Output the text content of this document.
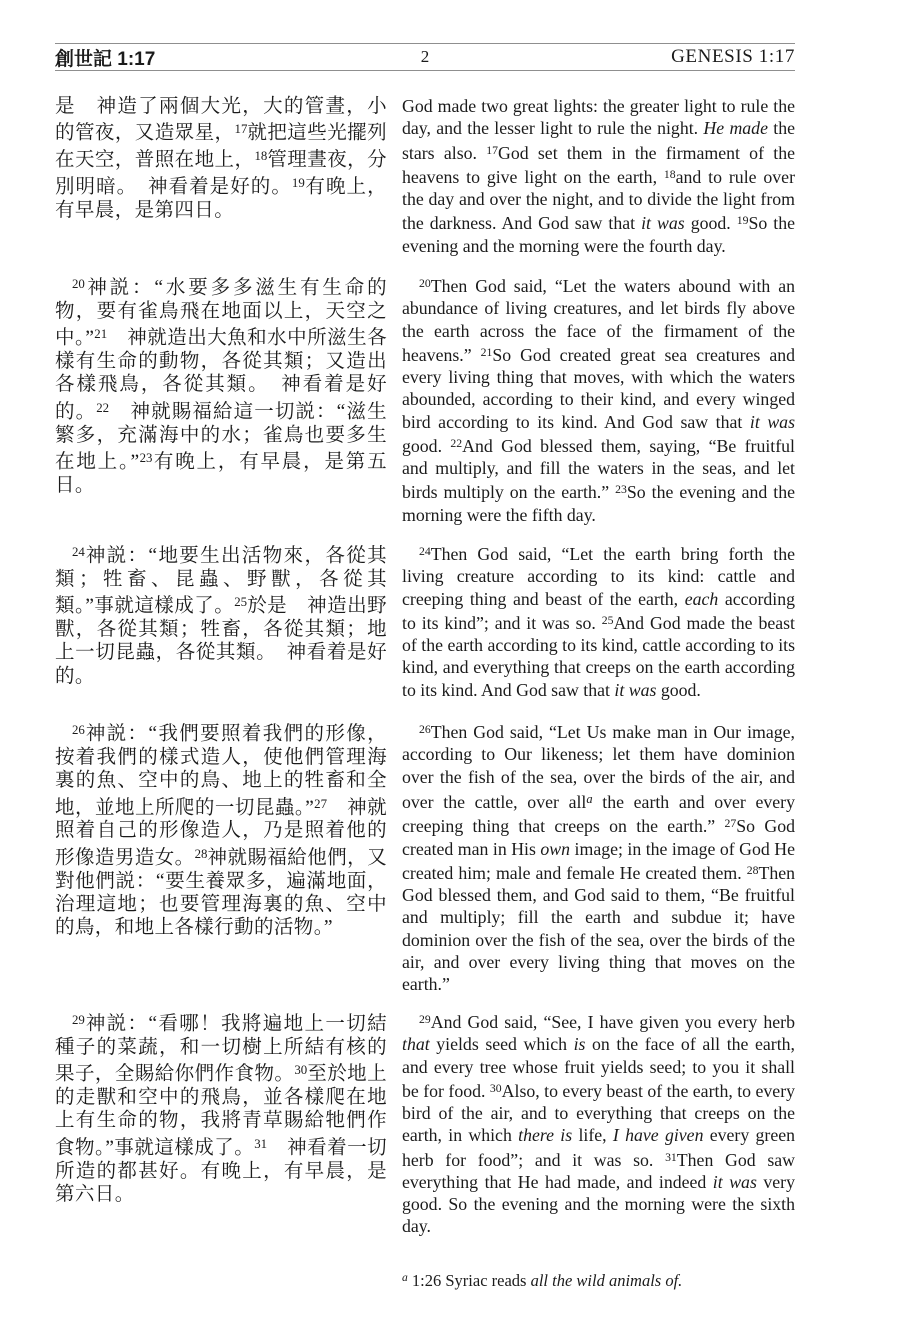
創世記 1:17	2	GENESIS 1:17
是　神造了兩個大光，大的管晝，小的管夜，又造眾星，$^{17}$就把這些光擺列在天空，普照在地上，$^{18}$管理晝夜，分別明暗。　神看着是好的。$^{19}$有晚上，有早晨，是第四日。
God made two great lights: the greater light to rule the day, and the lesser light to rule the night. He made the stars also. $^{17}$God set them in the firmament of the heavens to give light on the earth, $^{18}$and to rule over the day and over the night, and to divide the light from the darkness. And God saw that it was good. $^{19}$So the evening and the morning were the fourth day.
$^{20}$神説：“水要多多滋生有生命的物，要有雀鳥飛在地面以上，天空之中。”$^{21}$　神就造出大魚和水中所滋生各樣有生命的動物，各從其類；又造出各樣飛鳥，各從其類。　神看着是好的。$^{22}$　神就賜福給這一切説：“滋生繁多，充滿海中的水；雀鳥也要多生在地上。”$^{23}$有晚上，有早晨，是第五日。
$^{20}$Then God said, “Let the waters abound with an abundance of living creatures, and let birds fly above the earth across the face of the firmament of the heavens.” $^{21}$So God created great sea creatures and every living thing that moves, with which the waters abounded, according to their kind, and every winged bird according to its kind. And God saw that it was good. $^{22}$And God blessed them, saying, “Be fruitful and multiply, and fill the waters in the seas, and let birds multiply on the earth.” $^{23}$So the evening and the morning were the fifth day.
$^{24}$神説：“地要生出活物來，各從其類；牲畜、昆蟲、野獸，各從其類。”事就這樣成了。$^{25}$於是　神造出野獸，各從其類；牲畜，各從其類；地上一切昆蟲，各從其類。　神看着是好的。
$^{24}$Then God said, “Let the earth bring forth the living creature according to its kind: cattle and creeping thing and beast of the earth, each according to its kind”; and it was so. $^{25}$And God made the beast of the earth according to its kind, cattle according to its kind, and everything that creeps on the earth according to its kind. And God saw that it was good.
$^{26}$神説：“我們要照着我們的形像，按着我們的樣式造人，使他們管理海裏的魚、空中的鳥、地上的牲畜和全地，並地上所爬的一切昆蟲。”$^{27}$　神就照着自己的形像造人，乃是照着他的形像造男造女。$^{28}$神就賜福給他們，又對他們説：“要生養眾多，遍滿地面，治理這地；也要管理海裏的魚、空中的鳥，和地上各樣行動的活物。”
$^{26}$Then God said, “Let Us make man in Our image, according to Our likeness; let them have dominion over the fish of the sea, over the birds of the air, and over the cattle, over all$^a$ the earth and over every creeping thing that creeps on the earth.” $^{27}$So God created man in His own image; in the image of God He created him; male and female He created them. $^{28}$Then God blessed them, and God said to them, “Be fruitful and multiply; fill the earth and subdue it; have dominion over the fish of the sea, over the birds of the air, and over every living thing that moves on the earth.”
$^{29}$神説：“看哪！我將遍地上一切結種子的菜蔬，和一切樹上所結有核的果子，全賜給你們作食物。$^{30}$至於地上的走獸和空中的飛鳥，並各樣爬在地上有生命的物，我將青草賜給牠們作食物。”事就這樣成了。$^{31}$　神看着一切所造的都甚好。有晚上，有早晨，是第六日。
$^{29}$And God said, “See, I have given you every herb that yields seed which is on the face of all the earth, and every tree whose fruit yields seed; to you it shall be for food. $^{30}$Also, to every beast of the earth, to every bird of the air, and to everything that creeps on the earth, in which there is life, I have given every green herb for food”; and it was so. $^{31}$Then God saw everything that He had made, and indeed it was very good. So the evening and the morning were the sixth day.
$^a$ 1:26 Syriac reads all the wild animals of.
